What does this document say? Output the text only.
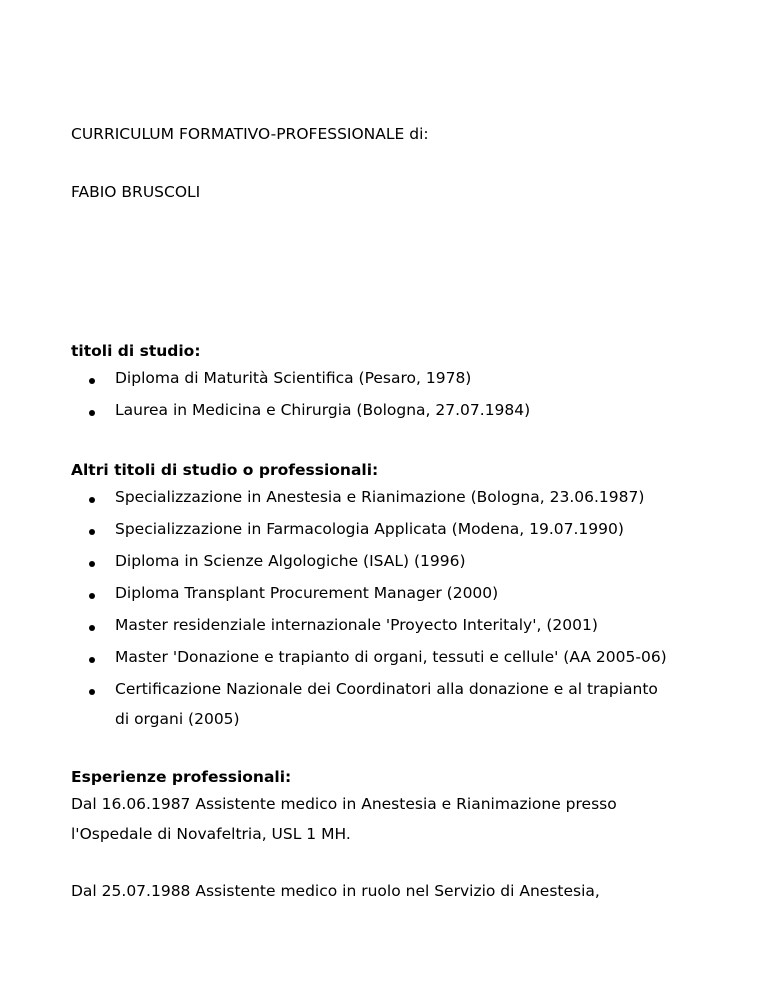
CURRICULUM FORMATIVO-PROFESSIONALE di:

FABIO BRUSCOLI

titoli di studio:

Diploma di Maturità Scientifica (Pesaro, 1978)
Laurea in Medicina e Chirurgia (Bologna, 27.07.1984)

Altri titoli di studio o professionali:

Specializzazione in Anestesia e Rianimazione (Bologna, 23.06.1987)
Specializzazione in Farmacologia Applicata (Modena, 19.07.1990)
Diploma in Scienze Algologiche (ISAL) (1996)
Diploma Transplant Procurement Manager (2000)
Master residenziale internazionale 'Proyecto Interitaly', (2001)
Master 'Donazione e trapianto di organi, tessuti e cellule' (AA 2005-06)
Certificazione Nazionale dei Coordinatori alla donazione e al trapianto
di organi (2005)

Esperienze professionali:

Dal 16.06.1987 Assistente medico in Anestesia e Rianimazione presso

l'Ospedale di Novafeltria, USL 1 MH.

Dal 25.07.1988 Assistente medico in ruolo nel Servizio di Anestesia,
